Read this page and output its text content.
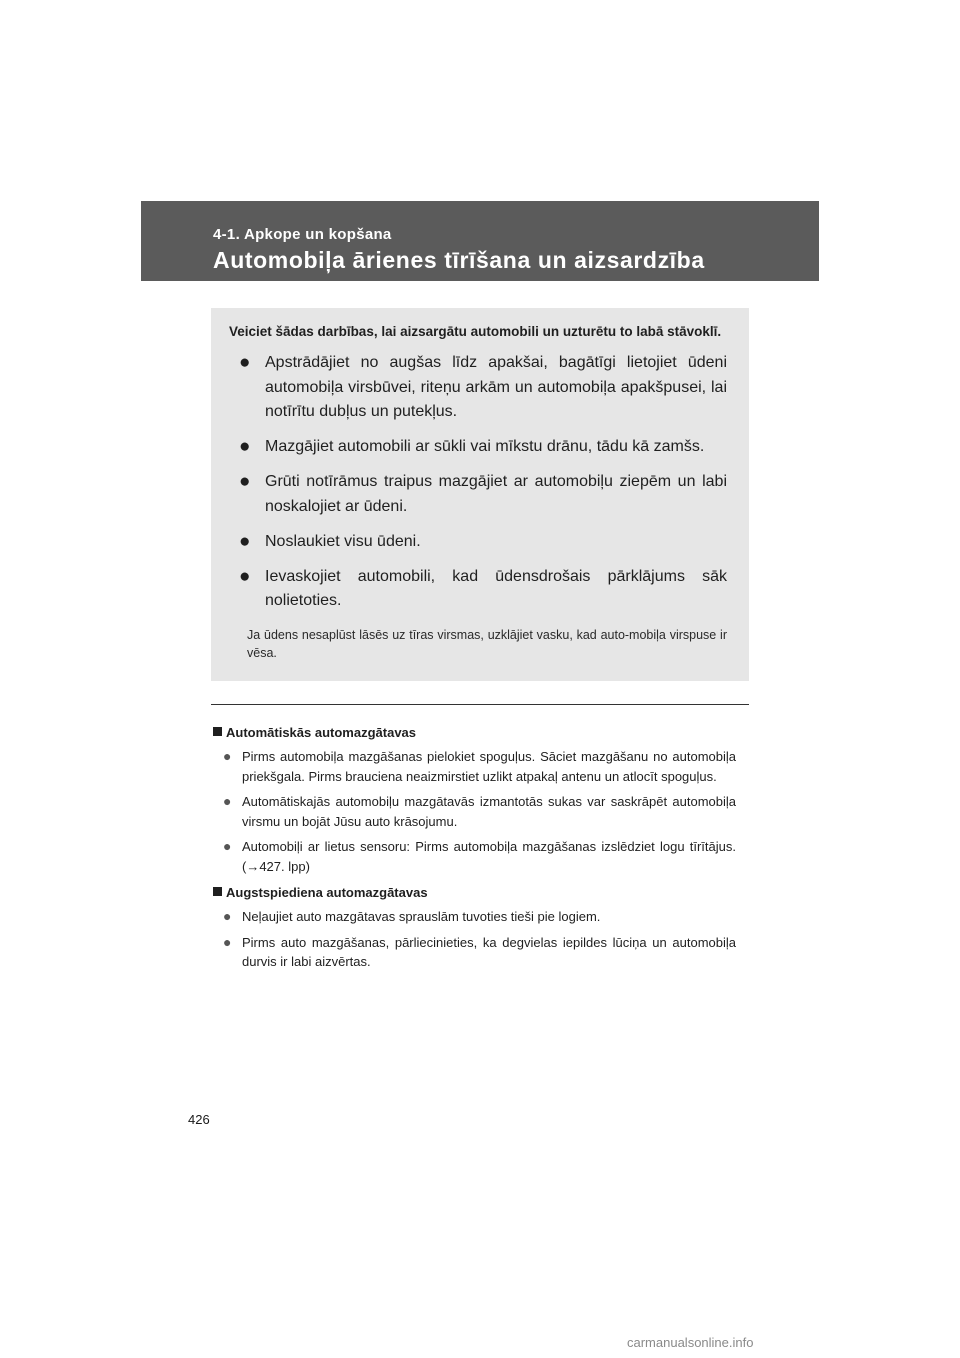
4-1. Apkope un kopšana
Automobiļa ārienes tīrīšana un aizsardzība
Veiciet šādas darbības, lai aizsargātu automobili un uzturētu to labā stāvoklī.
● Apstrādājiet no augšas līdz apakšai, bagātīgi lietojiet ūdeni automobiļa virsbūvei, riteņu arkām un automobiļa apakšpusei, lai notīrītu dubļus un putekļus.
● Mazgājiet automobili ar sūkli vai mīkstu drānu, tādu kā zamšs.
● Grūti notīrāmus traipus mazgājiet ar automobiļu ziepēm un labi noskalojiet ar ūdeni.
● Noslaukiet visu ūdeni.
● Ievaskojiet automobili, kad ūdensdrošais pārklājums sāk nolietoties.
Ja ūdens nesaplūst lāsēs uz tīras virsmas, uzklājiet vasku, kad auto-mobiļa virspuse ir vēsa.
Automātiskās automazgātavas
● Pirms automobiļa mazgāšanas pielokiet spoguļus. Sāciet mazgāšanu no automobiļa priekšgala. Pirms brauciena neaizmirstiet uzlikt atpakaļ antenu un atlocīt spoguļus.
● Automātiskajās automobiļu mazgātavās izmantotās sukas var saskrāpēt automobiļa virsmu un bojāt Jūsu auto krāsojumu.
● Automobiļi ar lietus sensoru: Pirms automobiļa mazgāšanas izslēdziet logu tīrītājus. (→427. lpp)
Augstspiediena automazgātavas
● Neļaujiet auto mazgātavas sprauslām tuvoties tieši pie logiem.
● Pirms auto mazgāšanas, pārliecinieties, ka degvielas iepildes lūciņa un automobiļa durvis ir labi aizvērtas.
426
carmanualsonline.info
